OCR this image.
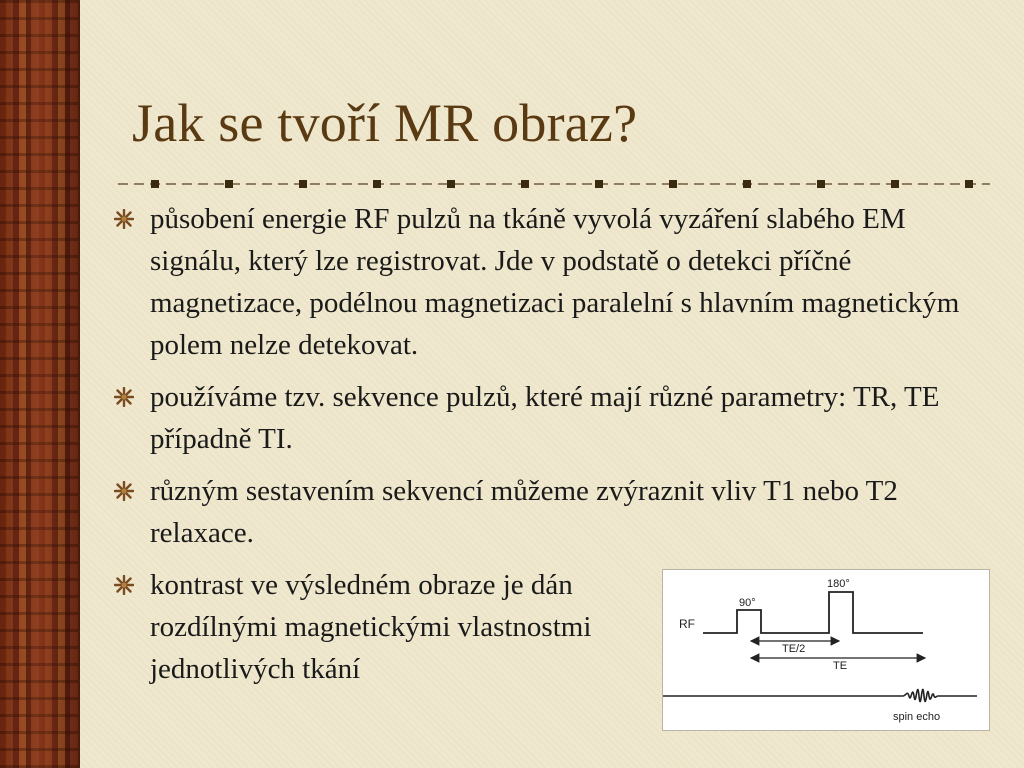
Jak se tvoří MR obraz?
působení energie RF pulzů na tkáně vyvolá vyzáření slabého EM signálu, který lze registrovat. Jde v podstatě o detekci příčné magnetizace, podélnou magnetizaci paralelní s hlavním magnetickým polem nelze detekovat.
používáme tzv. sekvence pulzů, které mají různé parametry: TR, TE případně TI.
různým sestavením sekvencí můžeme zvýraznit vliv T1 nebo T2 relaxace.
kontrast ve výsledném obraze je dán rozdílnými magnetickými vlastnostmi jednotlivých tkání
RF
90°
180°
TE/2
TE
spin echo
